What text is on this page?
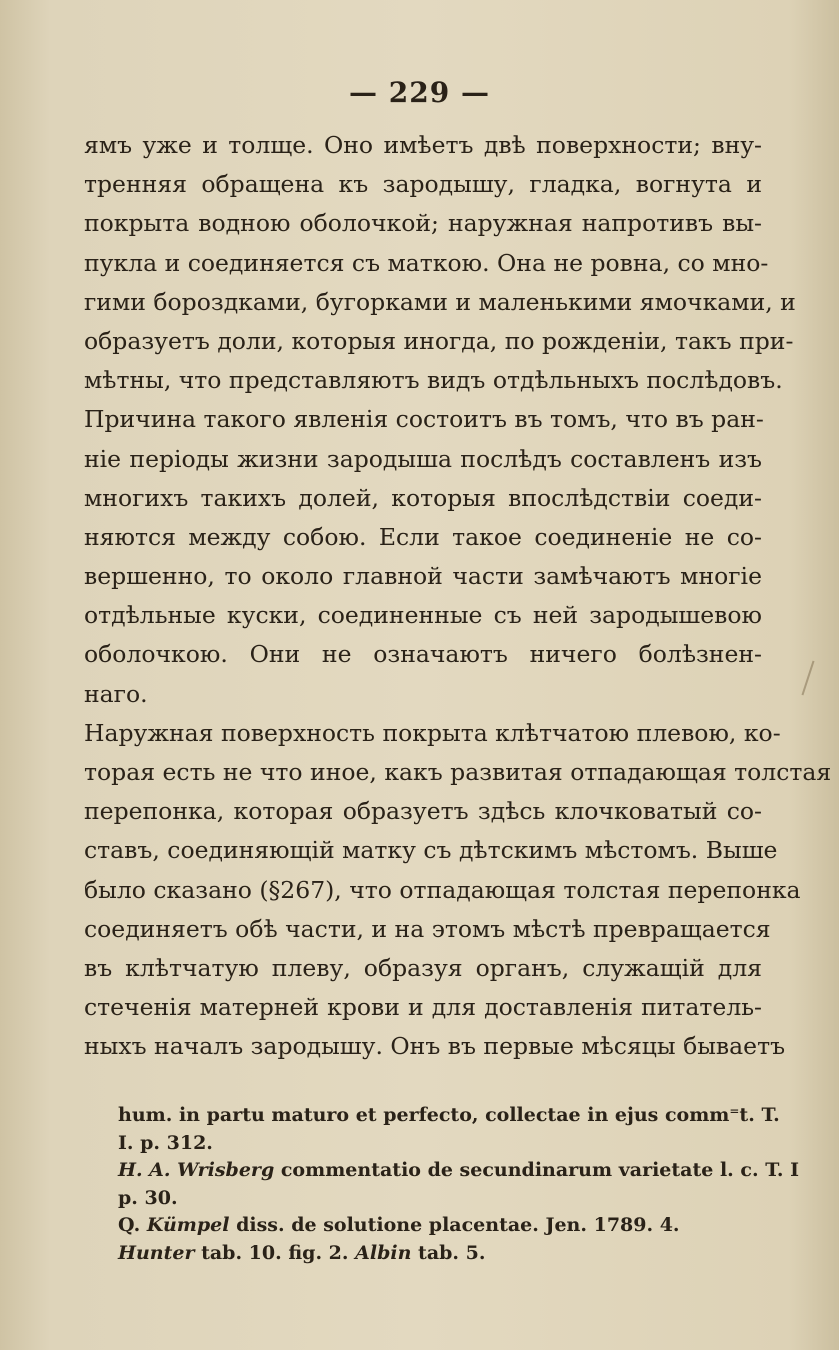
— 229 —
ямъ уже и толще. Оно имѣетъ двѣ поверхности; вну-
тренняя обращена къ зародышу, гладка, вогнута и
покрыта водною оболочкой; наружная напротивъ вы-
пукла и соединяется съ маткою. Она не ровна, со мно-
гими бороздками, бугорками и маленькими ямочками, и
образуетъ доли, которыя иногда, по рожденіи, такъ при-
мѣтны, что представляютъ видъ отдѣльныхъ послѣдовъ.
Причина такого явленія состоитъ въ томъ, что въ ран-
ніе періоды жизни зародыша послѣдъ составленъ изъ
многихъ такихъ долей, которыя впослѣдствіи соеди-
няются между собою. Если такое соединеніе не со-
вершенно, то около главной части замѣчаютъ многіе
отдѣльные куски, соединенные съ ней зародышевою
оболочкою. Они не означаютъ ничего болѣзнен-
наго.
Наружная поверхность покрыта клѣтчатою плевою, ко-
торая есть не что иное, какъ развитая отпадающая толстая
перепонка, которая образуетъ здѣсь клочковатый со-
ставъ, соединяющій матку съ дѣтскимъ мѣстомъ. Выше
было сказано (§267), что отпадающая толстая перепонка
соединяетъ обѣ части, и на этомъ мѣстѣ превращается
въ клѣтчатую плеву, образуя органъ, служащій для
стеченія матерней крови и для доставленія питатель-
ныхъ началъ зародышу. Онъ въ первые мѣсяцы бываетъ
hum. in partu maturo et perfecto, collectae in ejus comm⁼t. T.
I. p. 312.
H. A. Wrisberg commentatio de secundinarum varietate l. c. T. I
p. 30.
Q. Kümpel diss. de solutione placentae. Jen. 1789. 4.
Hunter tab. 10. fig. 2. Albin tab. 5.
